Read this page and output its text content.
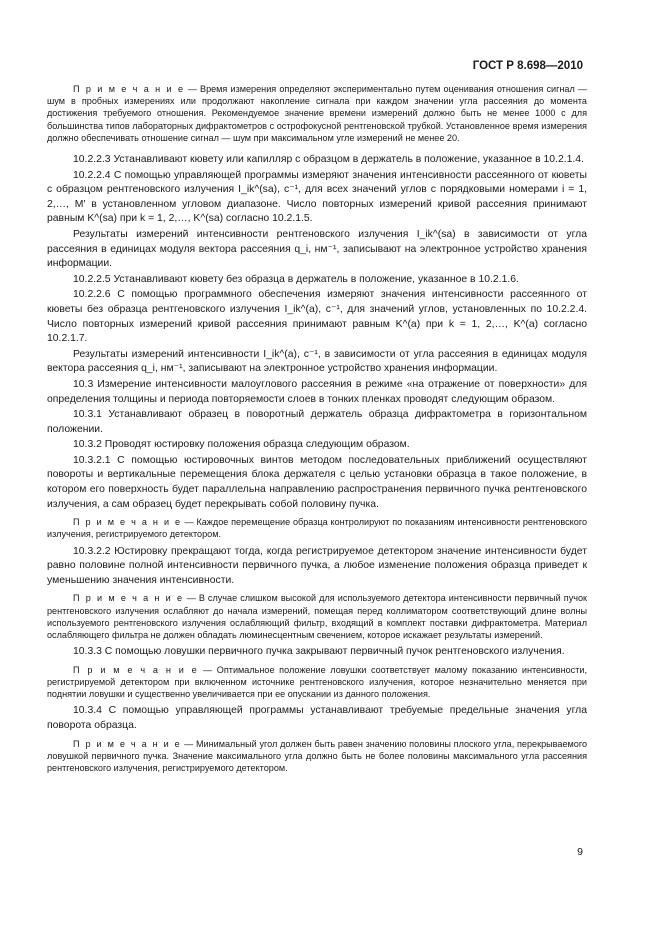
ГОСТ Р 8.698—2010

П р и м е ч а н и е — Время измерения определяют экспериментально путем оценивания отношения сигнал — шум в пробных измерениях или продолжают накопление сигнала при каждом значении угла рассеяния до момента достижения требуемого отношения. Рекомендуемое значение времени измерений должно быть не менее 1000 с для большинства типов лабораторных дифрактометров с острофокусной рентгеновской трубкой. Установленное время измерения должно обеспечивать отношение сигнал — шум при максимальном угле измерений не менее 20.

10.2.2.3 Устанавливают кювету или капилляр с образцом в держатель в положение, указанное в 10.2.1.4.

10.2.2.4 С помощью управляющей программы измеряют значения интенсивности рассеянного от кюветы с образцом рентгеновского излучения I_ik^(sa), с⁻¹, для всех значений углов с порядковыми номерами i = 1, 2,…, M′ в установленном угловом диапазоне. Число повторных измерений кривой рассеяния принимают равным K^(sa) при k = 1, 2,…, K^(sa) согласно 10.2.1.5.

Результаты измерений интенсивности рентгеновского излучения I_ik^(sa) в зависимости от угла рассеяния в единицах модуля вектора рассеяния q_i, нм⁻¹, записывают на электронное устройство хранения информации.

10.2.2.5 Устанавливают кювету без образца в держатель в положение, указанное в 10.2.1.6.

10.2.2.6 С помощью программного обеспечения измеряют значения интенсивности рассеянного от кюветы без образца рентгеновского излучения I_ik^(a), с⁻¹, для значений углов, установленных по 10.2.2.4. Число повторных измерений кривой рассеяния принимают равным K^(a) при k = 1, 2,…, K^(a) согласно 10.2.1.7.

Результаты измерений интенсивности I_ik^(a), с⁻¹, в зависимости от угла рассеяния в единицах модуля вектора рассеяния q_i, нм⁻¹, записывают на электронное устройство хранения информации.

10.3 Измерение интенсивности малоуглового рассеяния в режиме «на отражение от поверхности» для определения толщины и периода повторяемости слоев в тонких пленках проводят следующим образом.

10.3.1 Устанавливают образец в поворотный держатель образца дифрактометра в горизонтальном положении.

10.3.2 Проводят юстировку положения образца следующим образом.

10.3.2.1 С помощью юстировочных винтов методом последовательных приближений осуществляют повороты и вертикальные перемещения блока держателя с целью установки образца в такое положение, в котором его поверхность будет параллельна направлению распространения первичного пучка рентгеновского излучения, а сам образец будет перекрывать собой половину пучка.

П р и м е ч а н и е — Каждое перемещение образца контролируют по показаниям интенсивности рентгеновского излучения, регистрируемого детектором.

10.3.2.2 Юстировку прекращают тогда, когда регистрируемое детектором значение интенсивности будет равно половине полной интенсивности первичного пучка, а любое изменение положения образца приведет к уменьшению значения интенсивности.

П р и м е ч а н и е — В случае слишком высокой для используемого детектора интенсивности первичный пучок рентгеновского излучения ослабляют до начала измерений, помещая перед коллиматором соответствующий длине волны используемого рентгеновского излучения ослабляющий фильтр, входящий в комплект поставки дифрактометра. Материал ослабляющего фильтра не должен обладать люминесцентным свечением, которое искажает результаты измерений.

10.3.3 С помощью ловушки первичного пучка закрывают первичный пучок рентгеновского излучения.

П р и м е ч а н и е — Оптимальное положение ловушки соответствует малому показанию интенсивности, регистрируемой детектором при включенном источнике рентгеновского излучения, которое незначительно меняется при поднятии ловушки и существенно увеличивается при ее опускании из данного положения.

10.3.4 С помощью управляющей программы устанавливают требуемые предельные значения угла поворота образца.

П р и м е ч а н и е — Минимальный угол должен быть равен значению половины плоского угла, перекрываемого ловушкой первичного пучка. Значение максимального угла должно быть не более половины максимального угла рассеяния рентгеновского излучения, регистрируемого детектором.

9
